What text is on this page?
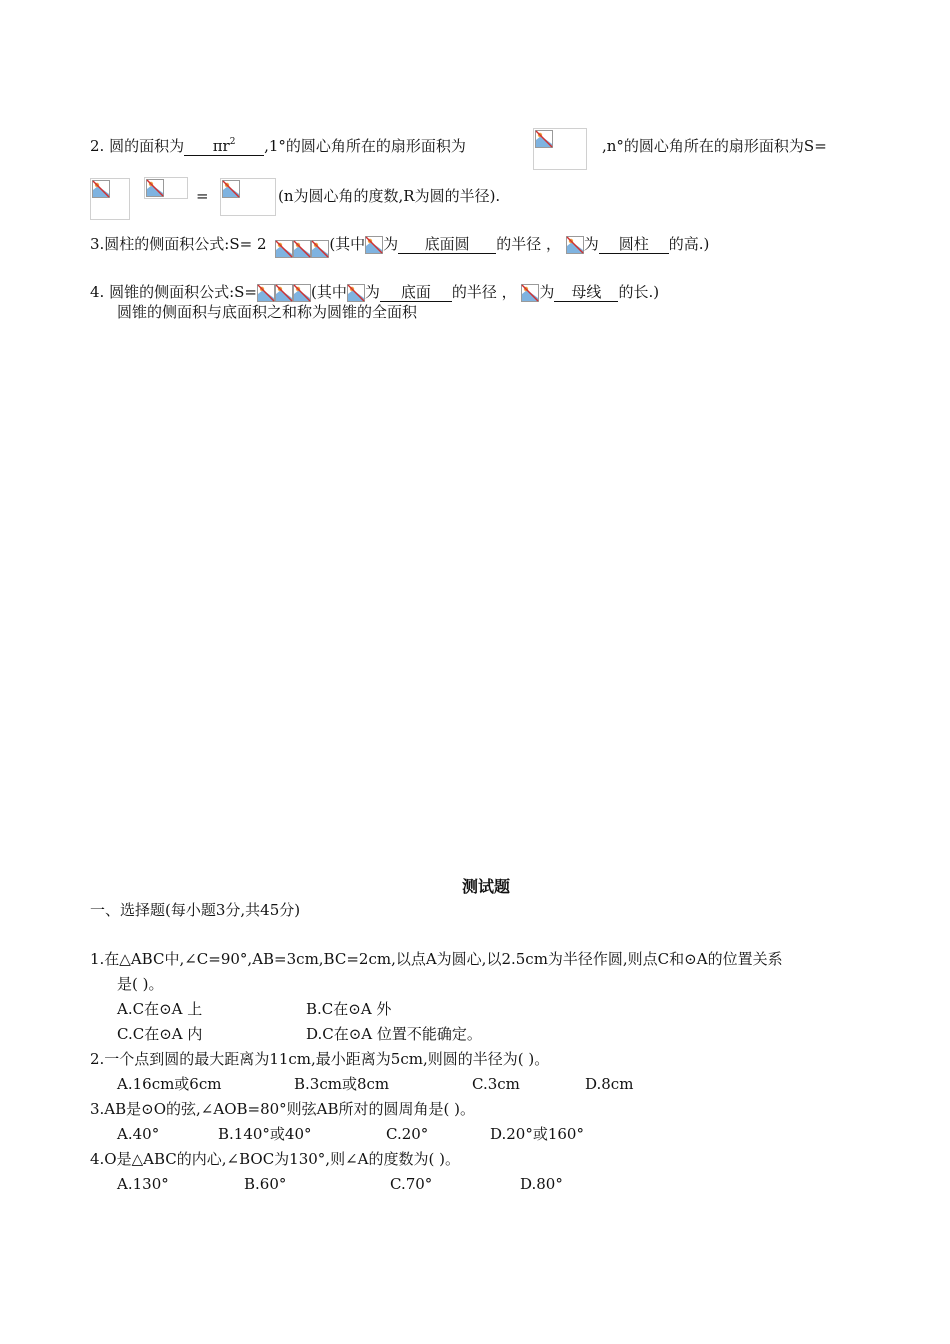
2. 圆的面积为 $\pi r^2$ ,1°的圆心角所在的扇形面积为	,n°的圆心角所在的扇形面积为S=
=	(n为圆心角的度数,R为圆的半径).
3.圆柱的侧面积公式:S= 2	(其中 为 底面圆 的半径 ， 为 圆柱 的高.)
4. 圆锥的侧面积公式:S=	(其中 为 底面 的半径 ， 为 母线 的长.)
圆锥的侧面积与底面积之和称为圆锥的全面积
测试题
一、选择题(每小题3分,共45分)
1.在△ABC中,∠C=90°,AB=3cm,BC=2cm,以点A为圆心,以2.5cm为半径作圆,则点C和⊙A的位置关系
是( )。
A.C在⊙A 上	B.C在⊙A 外
C.C在⊙A 内	D.C在⊙A 位置不能确定。
2.一个点到圆的最大距离为11cm,最小距离为5cm,则圆的半径为( )。
A.16cm或6cm	B.3cm或8cm	C.3cm	D.8cm
3.AB是⊙O的弦,∠AOB=80°则弦AB所对的圆周角是( )。
A.40°	B.140°或40°	C.20°	D.20°或160°
4.O是△ABC的内心,∠BOC为130°,则∠A的度数为( )。
A.130°	B.60°	C.70°	D.80°
